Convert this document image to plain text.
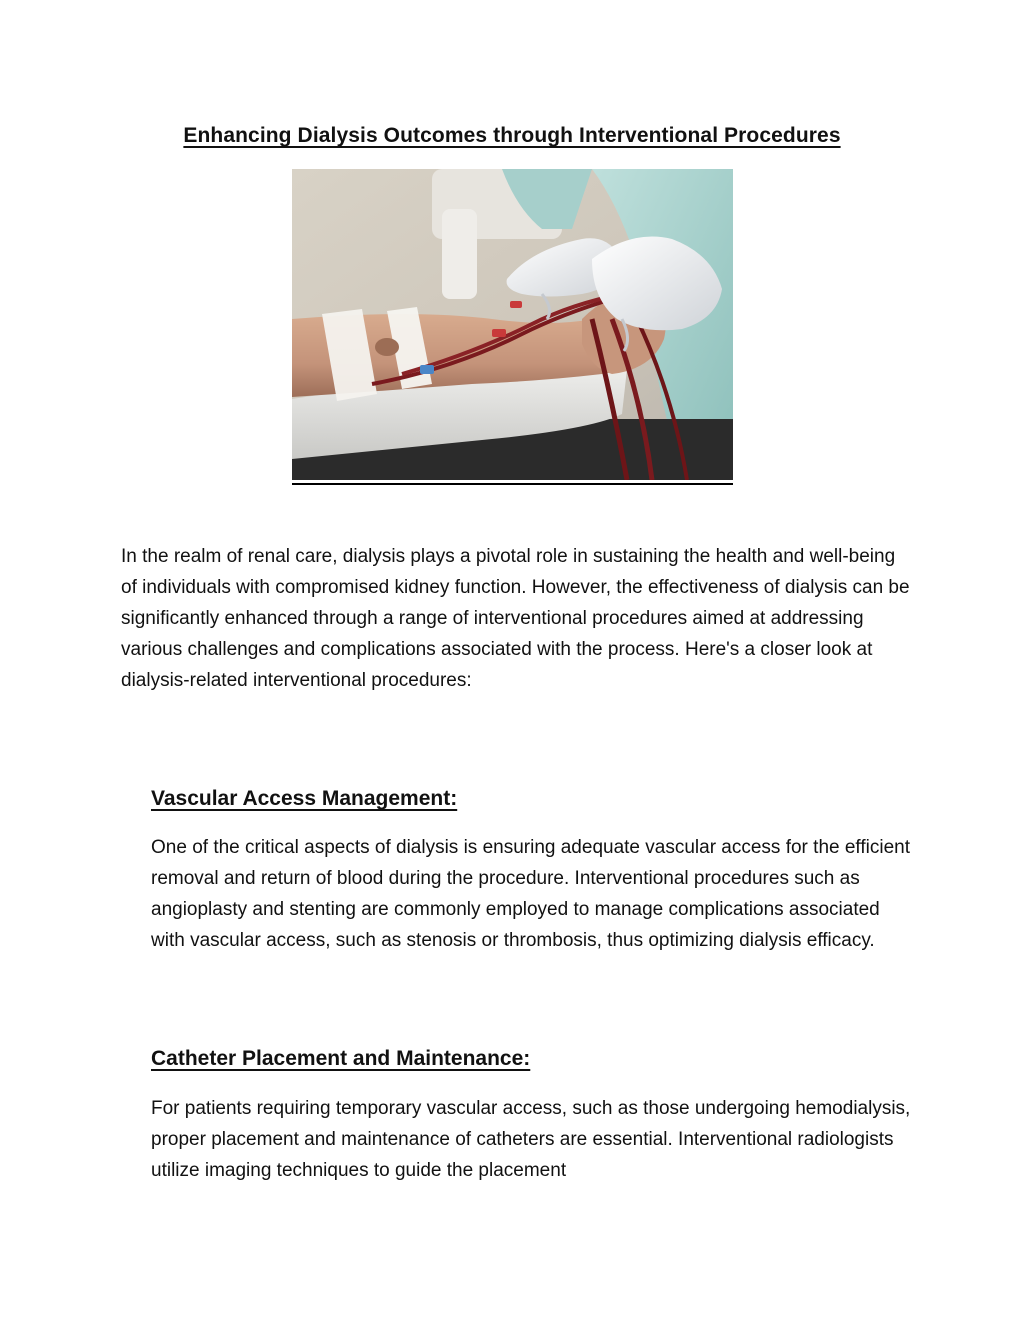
Enhancing Dialysis Outcomes through Interventional Procedures

In the realm of renal care, dialysis plays a pivotal role in sustaining the health and well-being of individuals with compromised kidney function. However, the effectiveness of dialysis can be significantly enhanced through a range of interventional procedures aimed at addressing various challenges and complications associated with the process. Here's a closer look at dialysis-related interventional procedures:

Vascular Access Management:

One of the critical aspects of dialysis is ensuring adequate vascular access for the efficient removal and return of blood during the procedure. Interventional procedures such as angioplasty and stenting are commonly employed to manage complications associated with vascular access, such as stenosis or thrombosis, thus optimizing dialysis efficacy.

Catheter Placement and Maintenance:

For patients requiring temporary vascular access, such as those undergoing hemodialysis, proper placement and maintenance of catheters are essential. Interventional radiologists utilize imaging techniques to guide the placement
